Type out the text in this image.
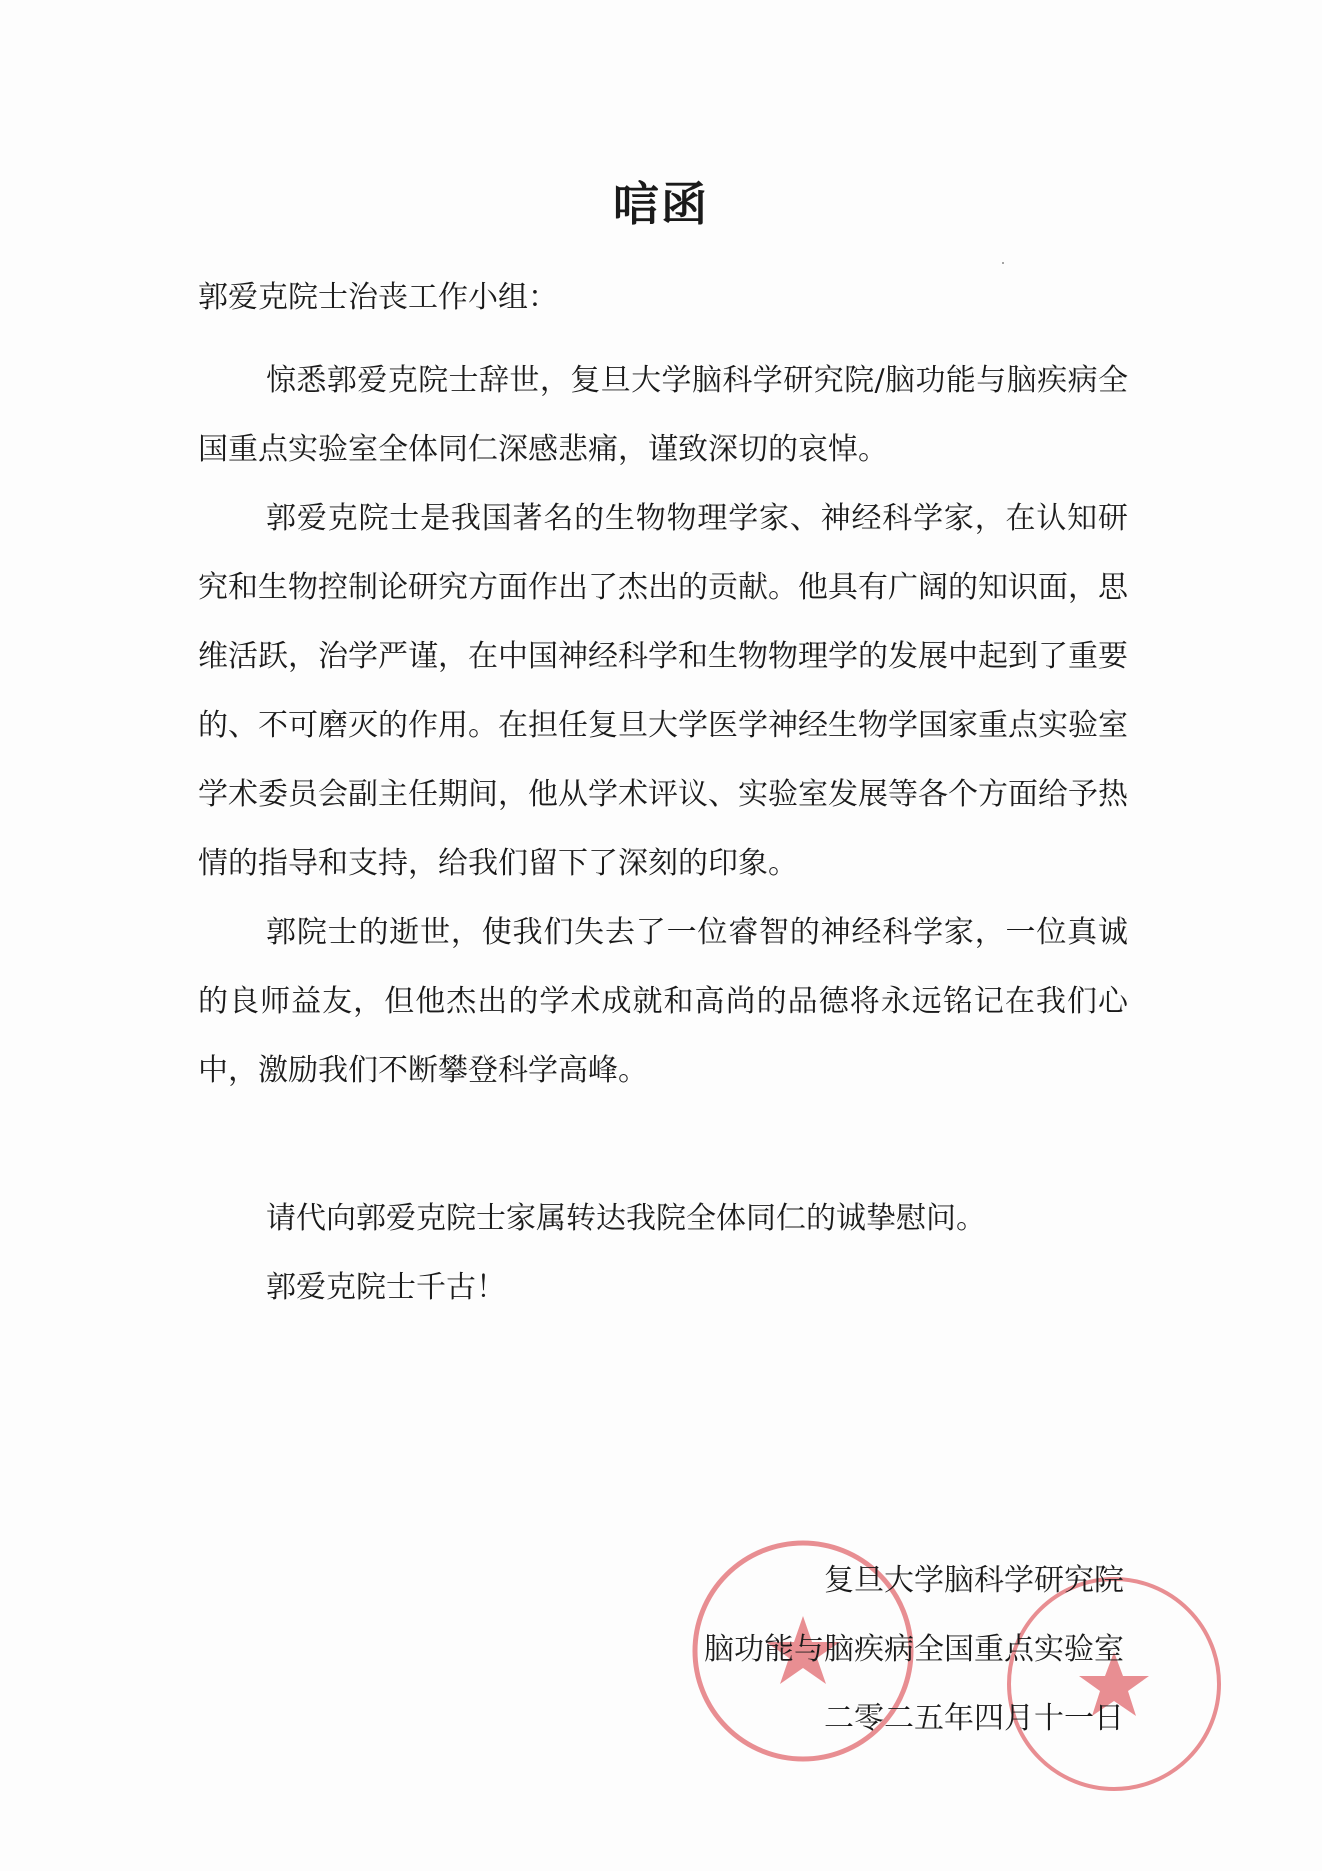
唁函
郭爱克院士治丧工作小组：

惊悉郭爱克院士辞世，复旦大学脑科学研究院/脑功能与脑疾病全国重点实验室全体同仁深感悲痛，谨致深切的哀悼。

郭爱克院士是我国著名的生物物理学家、神经科学家，在认知研究和生物控制论研究方面作出了杰出的贡献。他具有广阔的知识面，思维活跃，治学严谨，在中国神经科学和生物物理学的发展中起到了重要的、不可磨灭的作用。在担任复旦大学医学神经生物学国家重点实验室学术委员会副主任期间，他从学术评议、实验室发展等各个方面给予热情的指导和支持，给我们留下了深刻的印象。

郭院士的逝世，使我们失去了一位睿智的神经科学家，一位真诚的良师益友，但他杰出的学术成就和高尚的品德将永远铭记在我们心中，激励我们不断攀登科学高峰。

请代向郭爱克院士家属转达我院全体同仁的诚挚慰问。
郭爱克院士千古！
复旦大学脑科学研究院
脑功能与脑疾病全国重点实验室
二零二五年四月十一日
